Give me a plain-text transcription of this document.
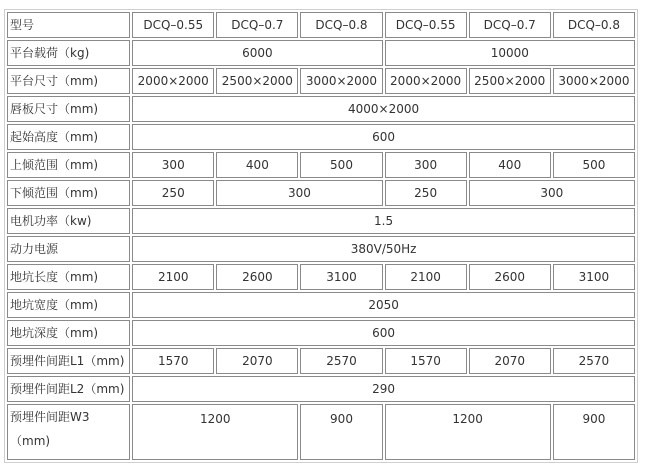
型号	DCQ–0.55	DCQ–0.7	DCQ–0.8	DCQ–0.55	DCQ–0.7	DCQ–0.8
平台载荷（kg)	6000			10000		
平台尺寸（mm)	2000×2000	2500×2000	3000×2000	2000×2000	2500×2000	3000×2000
唇板尺寸（mm)	4000×2000					
起始高度（mm)	600					
上倾范围（mm)	300	400	500	300	400	500
下倾范围（mm)	250	300		250	300	
电机功率（kw)	1.5					
动力电源	380V/50Hz					
地坑长度（mm)	2100	2600	3100	2100	2600	3100
地坑宽度（mm)	2050					
地坑深度（mm)	600					
预埋件间距L1（mm)	1570	2070	2570	1570	2070	2570
预埋件间距L2（mm)	290					
预埋件间距W3（mm)	1200		900	1200		900
